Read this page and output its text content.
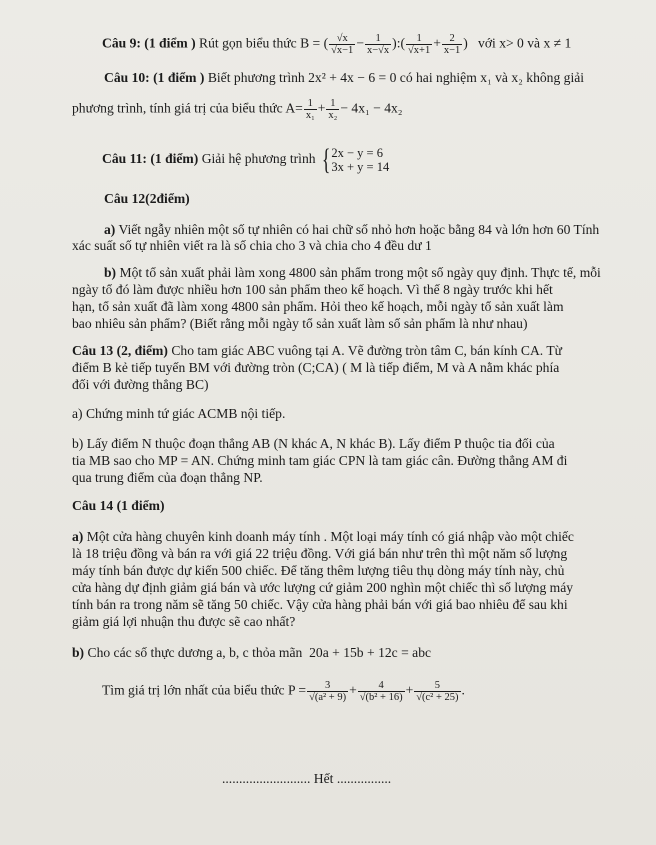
Câu 9: (1 điểm ) Rút gọn biểu thức B = ( $\frac{√x}{√x-1} - \frac{1}{x-√x}$ ):( $\frac{1}{√x+1} + \frac{2}{x-1}$ ) với x> 0 và x ≠ 1
Câu 10: (1 điểm ) Biết phương trình 2x² + 4x − 6 = 0 có hai nghiệm x₁ và x₂ không giải
phương trình, tính giá trị của biểu thức $A= \frac{1}{\text{x₁}} + \frac{1}{\text{x₂}} - 4x_1 - 4x_2$
Câu 11: (1 điểm) Giải hệ phương trình { 2x − y = 6
3x + y = 14
Câu 12(2điểm)
a) Viết ngẫy nhiên một số tự nhiên có hai chữ số nhỏ hơn hoặc bằng 84 và lớn hơn 60 Tính
xác suất số tự nhiên viết ra là số chia cho 3 và chia cho 4 đều dư 1
b) Một tổ sản xuất phải làm xong 4800 sản phẩm trong một số ngày quy định. Thực tế, mỗi
ngày tổ đó làm được nhiều hơn 100 sản phẩm theo kế hoạch. Vì thế 8 ngày trước khi hết
hạn, tổ sản xuất đã làm xong 4800 sản phẩm. Hỏi theo kế hoạch, mỗi ngày tổ sản xuất làm
bao nhiêu sản phẩm? (Biết rằng mỗi ngày tổ sản xuất làm số sản phẩm là như nhau)
Câu 13 (2, điểm) Cho tam giác ABC vuông tại A. Vẽ đường tròn tâm C, bán kính CA. Từ
điểm B kẻ tiếp tuyến BM với đường tròn (C;CA) ( M là tiếp điểm, M và A nằm khác phía
đối với đường thẳng BC)
a) Chứng minh tứ giác ACMB nội tiếp.
b) Lấy điểm N thuộc đoạn thẳng AB (N khác A, N khác B). Lấy điểm P thuộc tia đối của
tia MB sao cho MP = AN. Chứng minh tam giác CPN là tam giác cân. Đường thẳng AM đi
qua trung điểm của đoạn thẳng NP.
Câu 14 (1 điểm)
a) Một cửa hàng chuyên kinh doanh máy tính . Một loại máy tính có giá nhập vào một chiếc
là 18 triệu đồng và bán ra với giá 22 triệu đồng. Với giá bán như trên thì một năm số lượng
máy tính bán được dự kiến 500 chiếc. Để tăng thêm lượng tiêu thụ dòng máy tính này, chủ
cửa hàng dự định giảm giá bán và ước lượng cứ giảm 200 nghìn một chiếc thì số lượng máy
tính bán ra trong năm sẽ tăng 50 chiếc. Vậy cửa hàng phải bán với giá bao nhiêu để sau khi
giảm giá lợi nhuận thu được sẽ cao nhất?
b) Cho các số thực dương a, b, c thỏa mãn 20a + 15b + 12c = abc
Tìm giá trị lớn nhất của biểu thức $P = \frac{3}{\text{√(a² + 9)}} + \frac{4}{\text{√(b² + 16)}} + \frac{5}{\text{√(c² + 25)}}$ .
.......................... Hết ................
